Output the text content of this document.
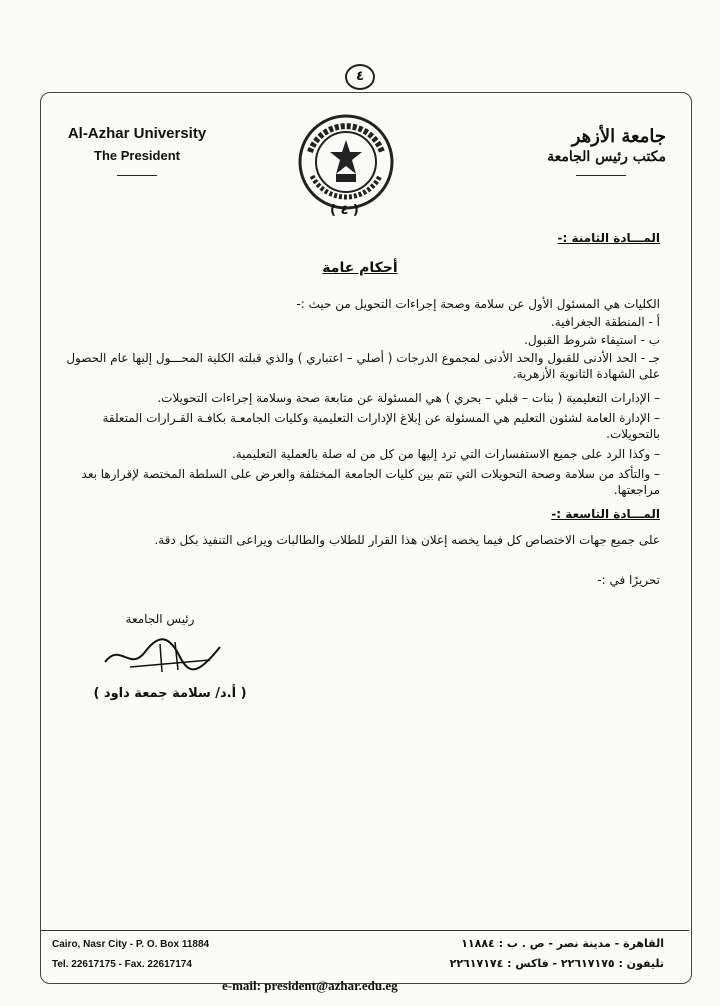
٤
Al-Azhar University
The President
( ٤ )
جامعة الأزهر
مكتب رئيس الجامعة
المـــادة الثامنة :-
أحكام عامة
الكليات هي المسئول الأول عن سلامة وصحة إجراءات التحويل من حيث :-
أ - المنطقة الجغرافية.
ب - استيفاء شروط القبول.
جـ - الحد الأدنى للقبول والحد الأدنى لمجموع الدرجات ( أصلي – اعتباري ) والذي قبلته الكلية المحـــول إليها عام الحصول على الشهادة الثانوية الأزهرية.
– الإدارات التعليمية ( بنات – قبلي – بحري ) هي المسئولة عن متابعة صحة وسلامة إجراءات التحويلات.
– الإدارة العامة لشئون التعليم هي المسئولة عن إبلاغ الإدارات التعليمية وكليات الجامعـة بكافـة القـرارات المتعلقة بالتحويلات.
– وكذا الرد على جميع الاستفسارات التي ترد إليها من كل من له صلة بالعملية التعليمية.
– والتأكد من سلامة وصحة التحويلات التي تتم بين كليات الجامعة المختلفة والعرض على السلطة المختصة لإقرارها بعد مراجعتها.
المـــادة التاسعة :-
على جميع جهات الاختصاص كل فيما يخصه إعلان هذا القرار للطلاب والطالبات ويراعى التنفيذ بكل دقة.
تحريرًا في :-
رئيس الجامعة
( أ.د/ سلامة جمعة داود )
Cairo, Nasr City - P. O. Box 11884
Tel. 22617175 - Fax. 22617174
القاهرة - مدينة نصر - ص . ب : ١١٨٨٤
تليفون : ٢٢٦١٧١٧٥ - فاكس : ٢٢٦١٧١٧٤
e-mail: president@azhar.edu.eg
